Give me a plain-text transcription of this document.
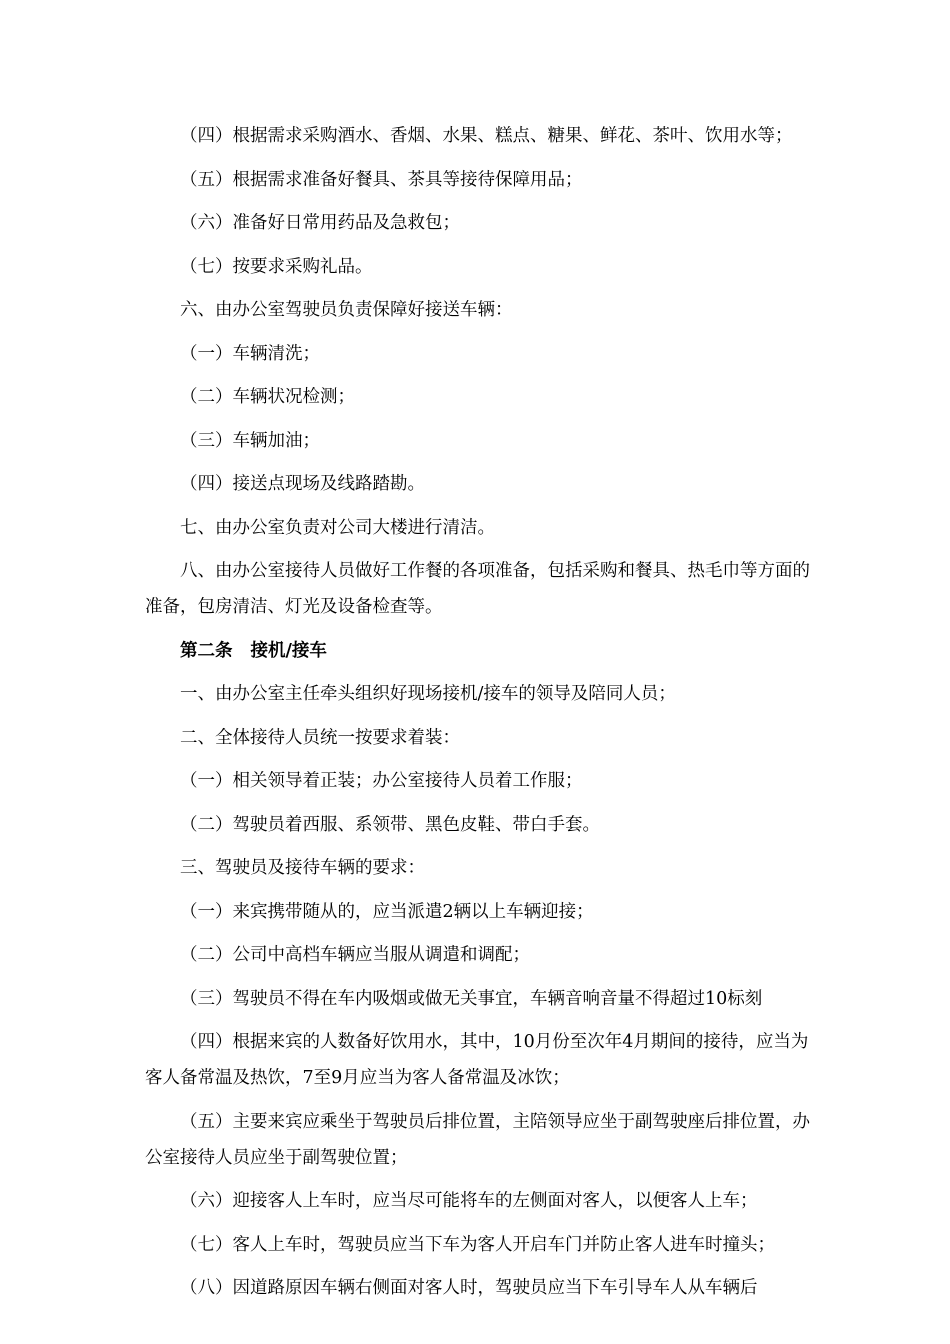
（四）根据需求采购酒水、香烟、水果、糕点、糖果、鲜花、茶叶、饮用水等；

（五）根据需求准备好餐具、茶具等接待保障用品；

（六）准备好日常用药品及急救包；

（七）按要求采购礼品。

六、由办公室驾驶员负责保障好接送车辆：

（一）车辆清洗；

（二）车辆状况检测；

（三）车辆加油；

（四）接送点现场及线路踏勘。

七、由办公室负责对公司大楼进行清洁。

八、由办公室接待人员做好工作餐的各项准备，包括采购和餐具、热毛巾等方面的准备，包房清洁、灯光及设备检查等。

第二条 接机/接车

一、由办公室主任牵头组织好现场接机/接车的领导及陪同人员；

二、全体接待人员统一按要求着装：

（一）相关领导着正装；办公室接待人员着工作服；

（二）驾驶员着西服、系领带、黑色皮鞋、带白手套。

三、驾驶员及接待车辆的要求：

（一）来宾携带随从的，应当派遣2辆以上车辆迎接；

（二）公司中高档车辆应当服从调遣和调配；

（三）驾驶员不得在车内吸烟或做无关事宜，车辆音响音量不得超过10标刻

（四）根据来宾的人数备好饮用水，其中，10月份至次年4月期间的接待，应当为客人备常温及热饮，7至9月应当为客人备常温及冰饮；

（五）主要来宾应乘坐于驾驶员后排位置，主陪领导应坐于副驾驶座后排位置，办公室接待人员应坐于副驾驶位置；

（六）迎接客人上车时，应当尽可能将车的左侧面对客人，以便客人上车；

（七）客人上车时，驾驶员应当下车为客人开启车门并防止客人进车时撞头；

（八）因道路原因车辆右侧面对客人时，驾驶员应当下车引导车人从车辆后
